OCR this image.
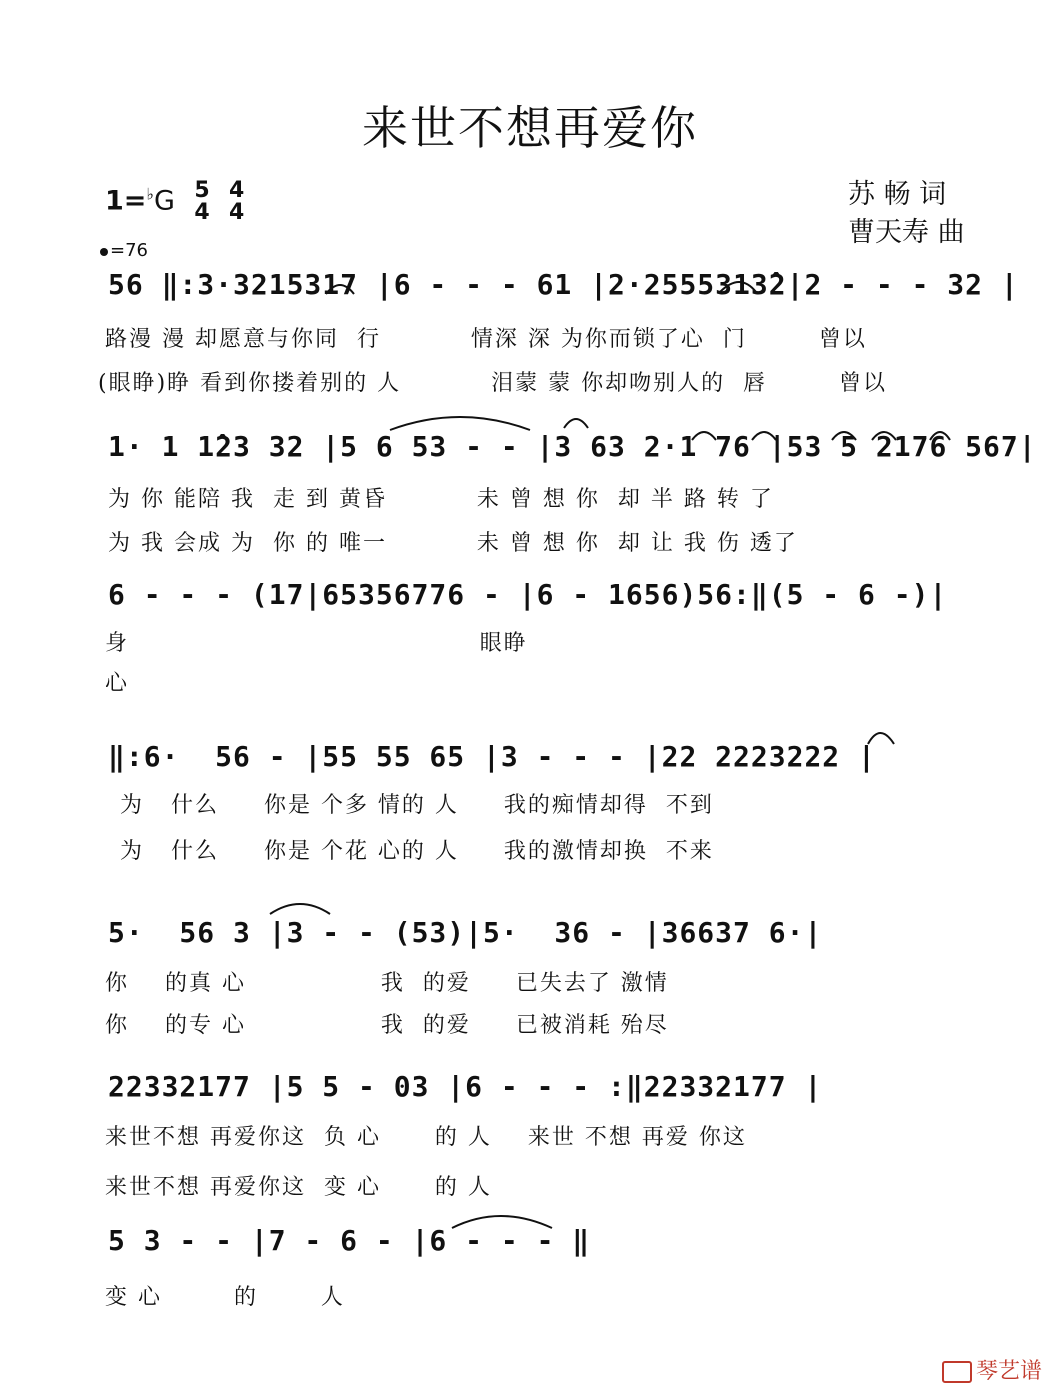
来世不想再爱你
苏 畅 词
曹天寿 曲
1=♭G 5
4

4
4
=76
56 ‖:3·3215317 |6 - - - 61 |2·2555313̂2|2 - - - 32 |
路漫 漫 却愿意与你同  行          情深 深 为你而锁了心  门        曾以
(眼睁)睁 看到你搂着别的 人          泪蒙 蒙 你却吻别人的  唇        曾以
1· 1 1̂23 32 |5 6 53 - - |3 63 2·1 76 |53 5 2176 567|
为 你 能陪 我  走 到 黄昏          未 曾 想 你  却 半 路 转 了
为 我 会成 为  你 的 唯一          未 曾 想 你  却 让 我 伤 透了
6 - - - (17|65356776 - |6 - 1656)56:‖(5 - 6 -)|
身                                       眼睁
心
‖:6·  56 - |55 55 65 |3 - - - |22 2223222 |
为   什么     你是 个多 情的 人     我的痴情却得  不到
为   什么     你是 个花 心的 人     我的激情却换  不来
5·  56 3 |3 - - (53)|5·  36 - |36637 6·|
你    的真 心               我  的爱     已失去了 激情
你    的专 心               我  的爱     已被消耗 殆尽
22332177 |5 5 - 03 |6 - - - :‖22332177 |
来世不想 再爱你这  负 心      的 人    来世 不想 再爱 你这
来世不想 再爱你这  变 心      的 人
5 3 - - |7 - 6 - |6 - - - ‖
变 心        的       人
琴艺谱
